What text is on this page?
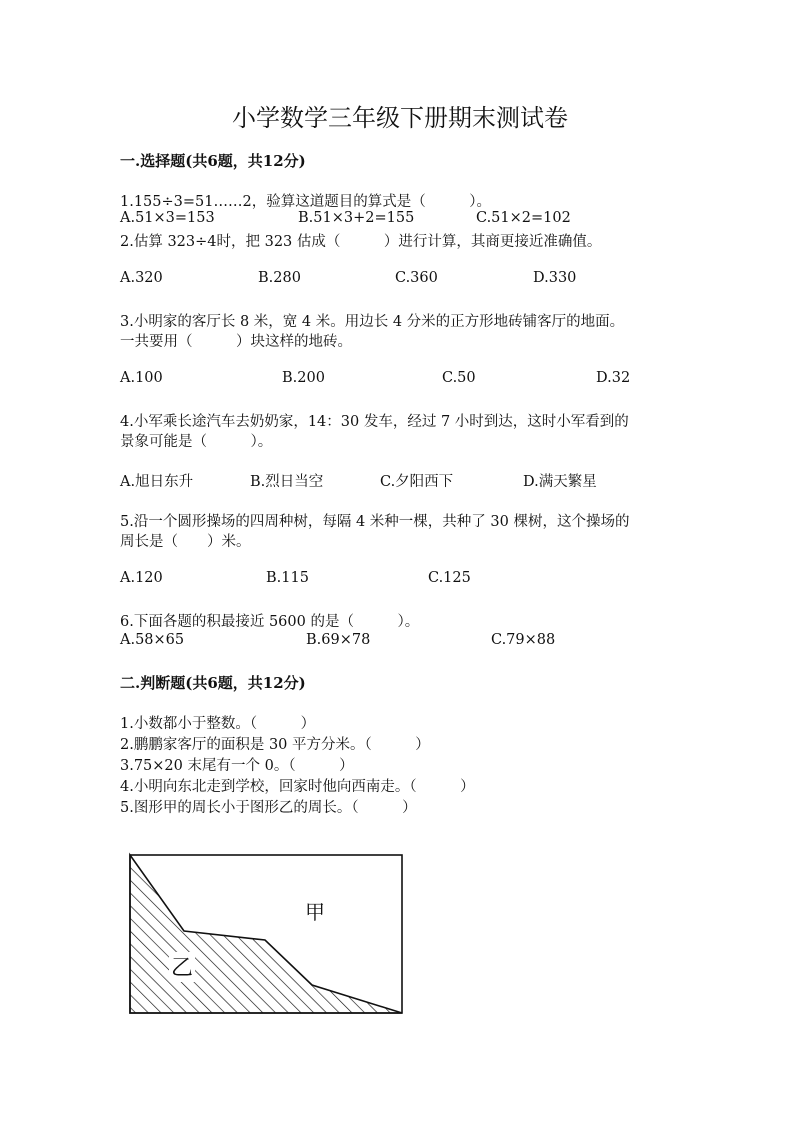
小学数学三年级下册期末测试卷
一.选择题(共6题，共12分)
1.155÷3=51……2，验算这道题目的算式是（　　　）。
A.51×3=153	B.51×3+2=155	C.51×2=102
2.估算 323÷4时，把 323 估成（　　　）进行计算，其商更接近准确值。
A.320	B.280	C.360	D.330
3.小明家的客厅长 8 米，宽 4 米。用边长 4 分米的正方形地砖铺客厅的地面。
一共要用（　　　）块这样的地砖。
A.100	B.200	C.50	D.32
4.小军乘长途汽车去奶奶家，14：30 发车，经过 7 小时到达，这时小军看到的
景象可能是（　　　）。
A.旭日东升	B.烈日当空	C.夕阳西下	D.满天繁星
5.沿一个圆形操场的四周种树，每隔 4 米种一棵，共种了 30 棵树，这个操场的
周长是（　　）米。
A.120	B.115	C.125
6.下面各题的积最接近 5600 的是（　　　）。
A.58×65	B.69×78	C.79×88
二.判断题(共6题，共12分)
1.小数都小于整数。（　　　）
2.鹏鹏家客厅的面积是 30 平方分米。（　　　）
3.75×20 末尾有一个 0。（　　　）
4.小明向东北走到学校，回家时他向西南走。（　　　）
5.图形甲的周长小于图形乙的周长。（　　　）
乙
甲
